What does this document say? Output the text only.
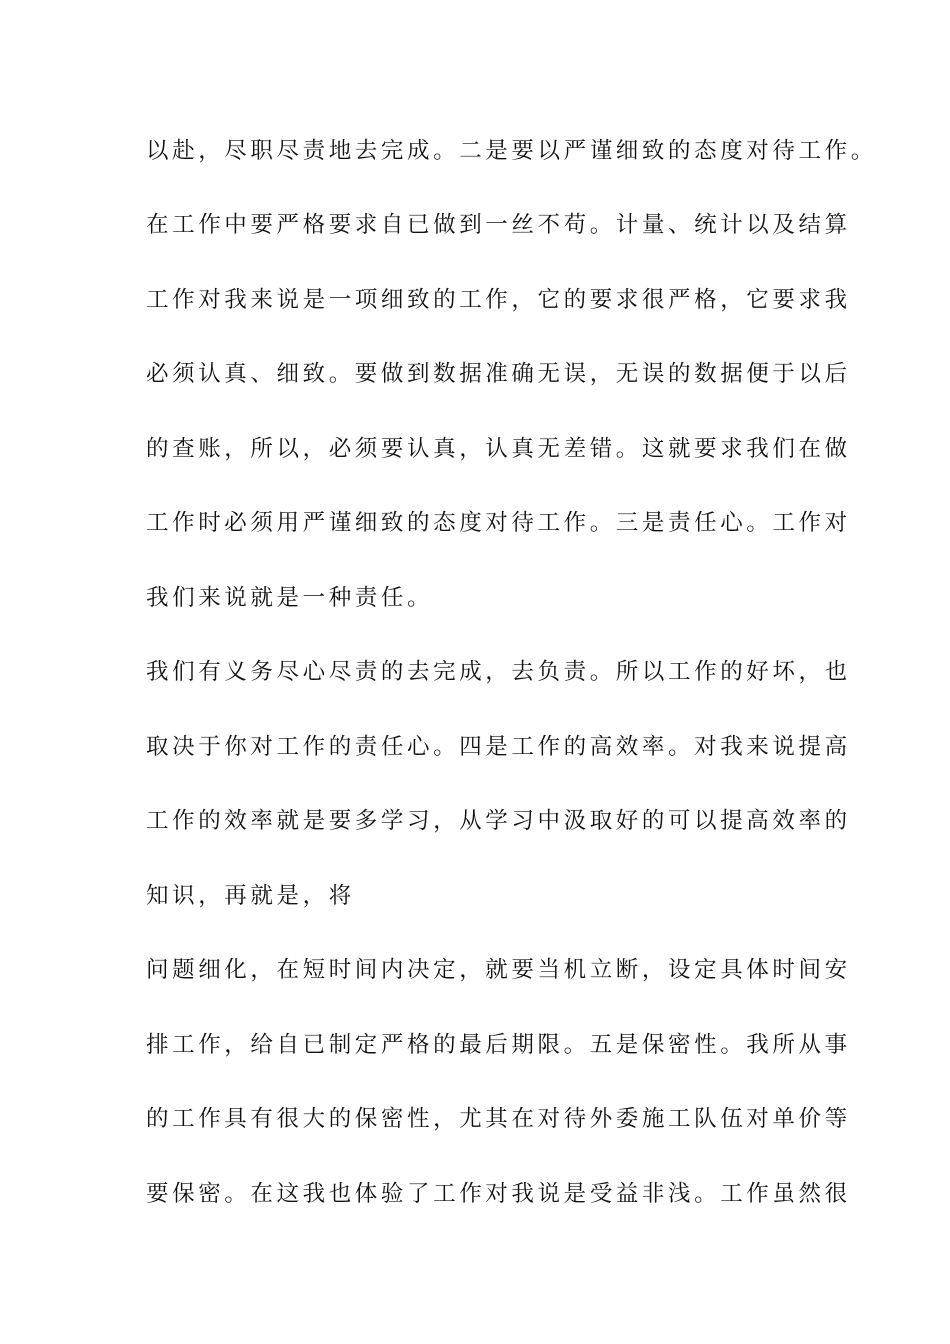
以赴，尽职尽责地去完成。二是要以严谨细致的态度对待工作。
在工作中要严格要求自已做到一丝不苟。计量、统计以及结算
工作对我来说是一项细致的工作，它的要求很严格，它要求我
必须认真、细致。要做到数据准确无误，无误的数据便于以后
的查账，所以，必须要认真，认真无差错。这就要求我们在做
工作时必须用严谨细致的态度对待工作。三是责任心。工作对
我们来说就是一种责任。
我们有义务尽心尽责的去完成，去负责。所以工作的好坏，也
取决于你对工作的责任心。四是工作的高效率。对我来说提高
工作的效率就是要多学习，从学习中汲取好的可以提高效率的
知识，再就是，将
问题细化，在短时间内决定，就要当机立断，设定具体时间安
排工作，给自已制定严格的最后期限。五是保密性。我所从事
的工作具有很大的保密性，尤其在对待外委施工队伍对单价等
要保密。在这我也体验了工作对我说是受益非浅。工作虽然很
